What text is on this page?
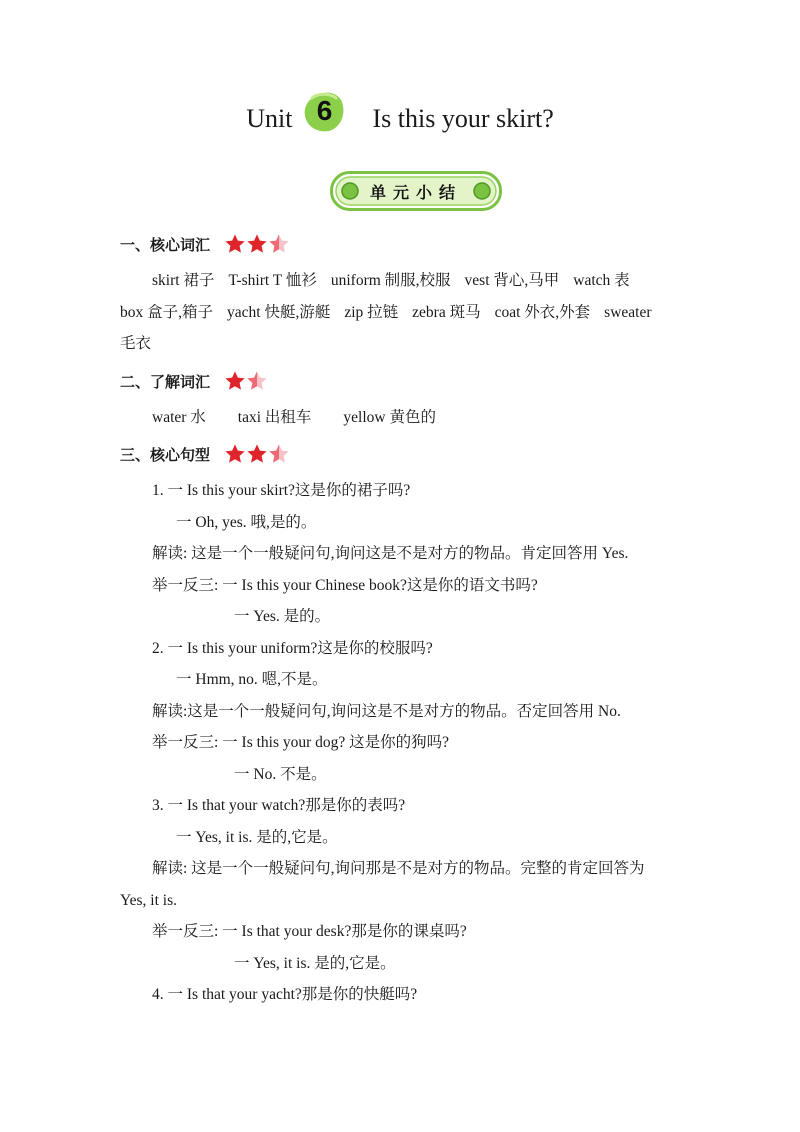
Unit 6	Is this your skirt?
单元小结
一、核心词汇
skirt 裙子 T-shirt T 恤衫 uniform 制服,校服 vest 背心,马甲 watch 表
box 盒子,箱子 yacht 快艇,游艇 zip 拉链 zebra 斑马 coat 外衣,外套 sweater
毛衣
二、了解词汇
water 水 taxi 出租车 yellow 黄色的
三、核心句型
1. 一 Is this your skirt?这是你的裙子吗?
一 Oh, yes. 哦,是的。
解读: 这是一个一般疑问句,询问这是不是对方的物品。肯定回答用 Yes.
举一反三: 一 Is this your Chinese book?这是你的语文书吗?
一 Yes. 是的。
2. 一 Is this your uniform?这是你的校服吗?
一 Hmm, no. 嗯,不是。
解读:这是一个一般疑问句,询问这是不是对方的物品。否定回答用 No.
举一反三: 一 Is this your dog? 这是你的狗吗?
一 No. 不是。
3. 一 Is that your watch?那是你的表吗?
一 Yes, it is. 是的,它是。
解读: 这是一个一般疑问句,询问那是不是对方的物品。完整的肯定回答为
Yes, it is.
举一反三: 一 Is that your desk?那是你的课桌吗?
一 Yes, it is. 是的,它是。
4. 一 Is that your yacht?那是你的快艇吗?
